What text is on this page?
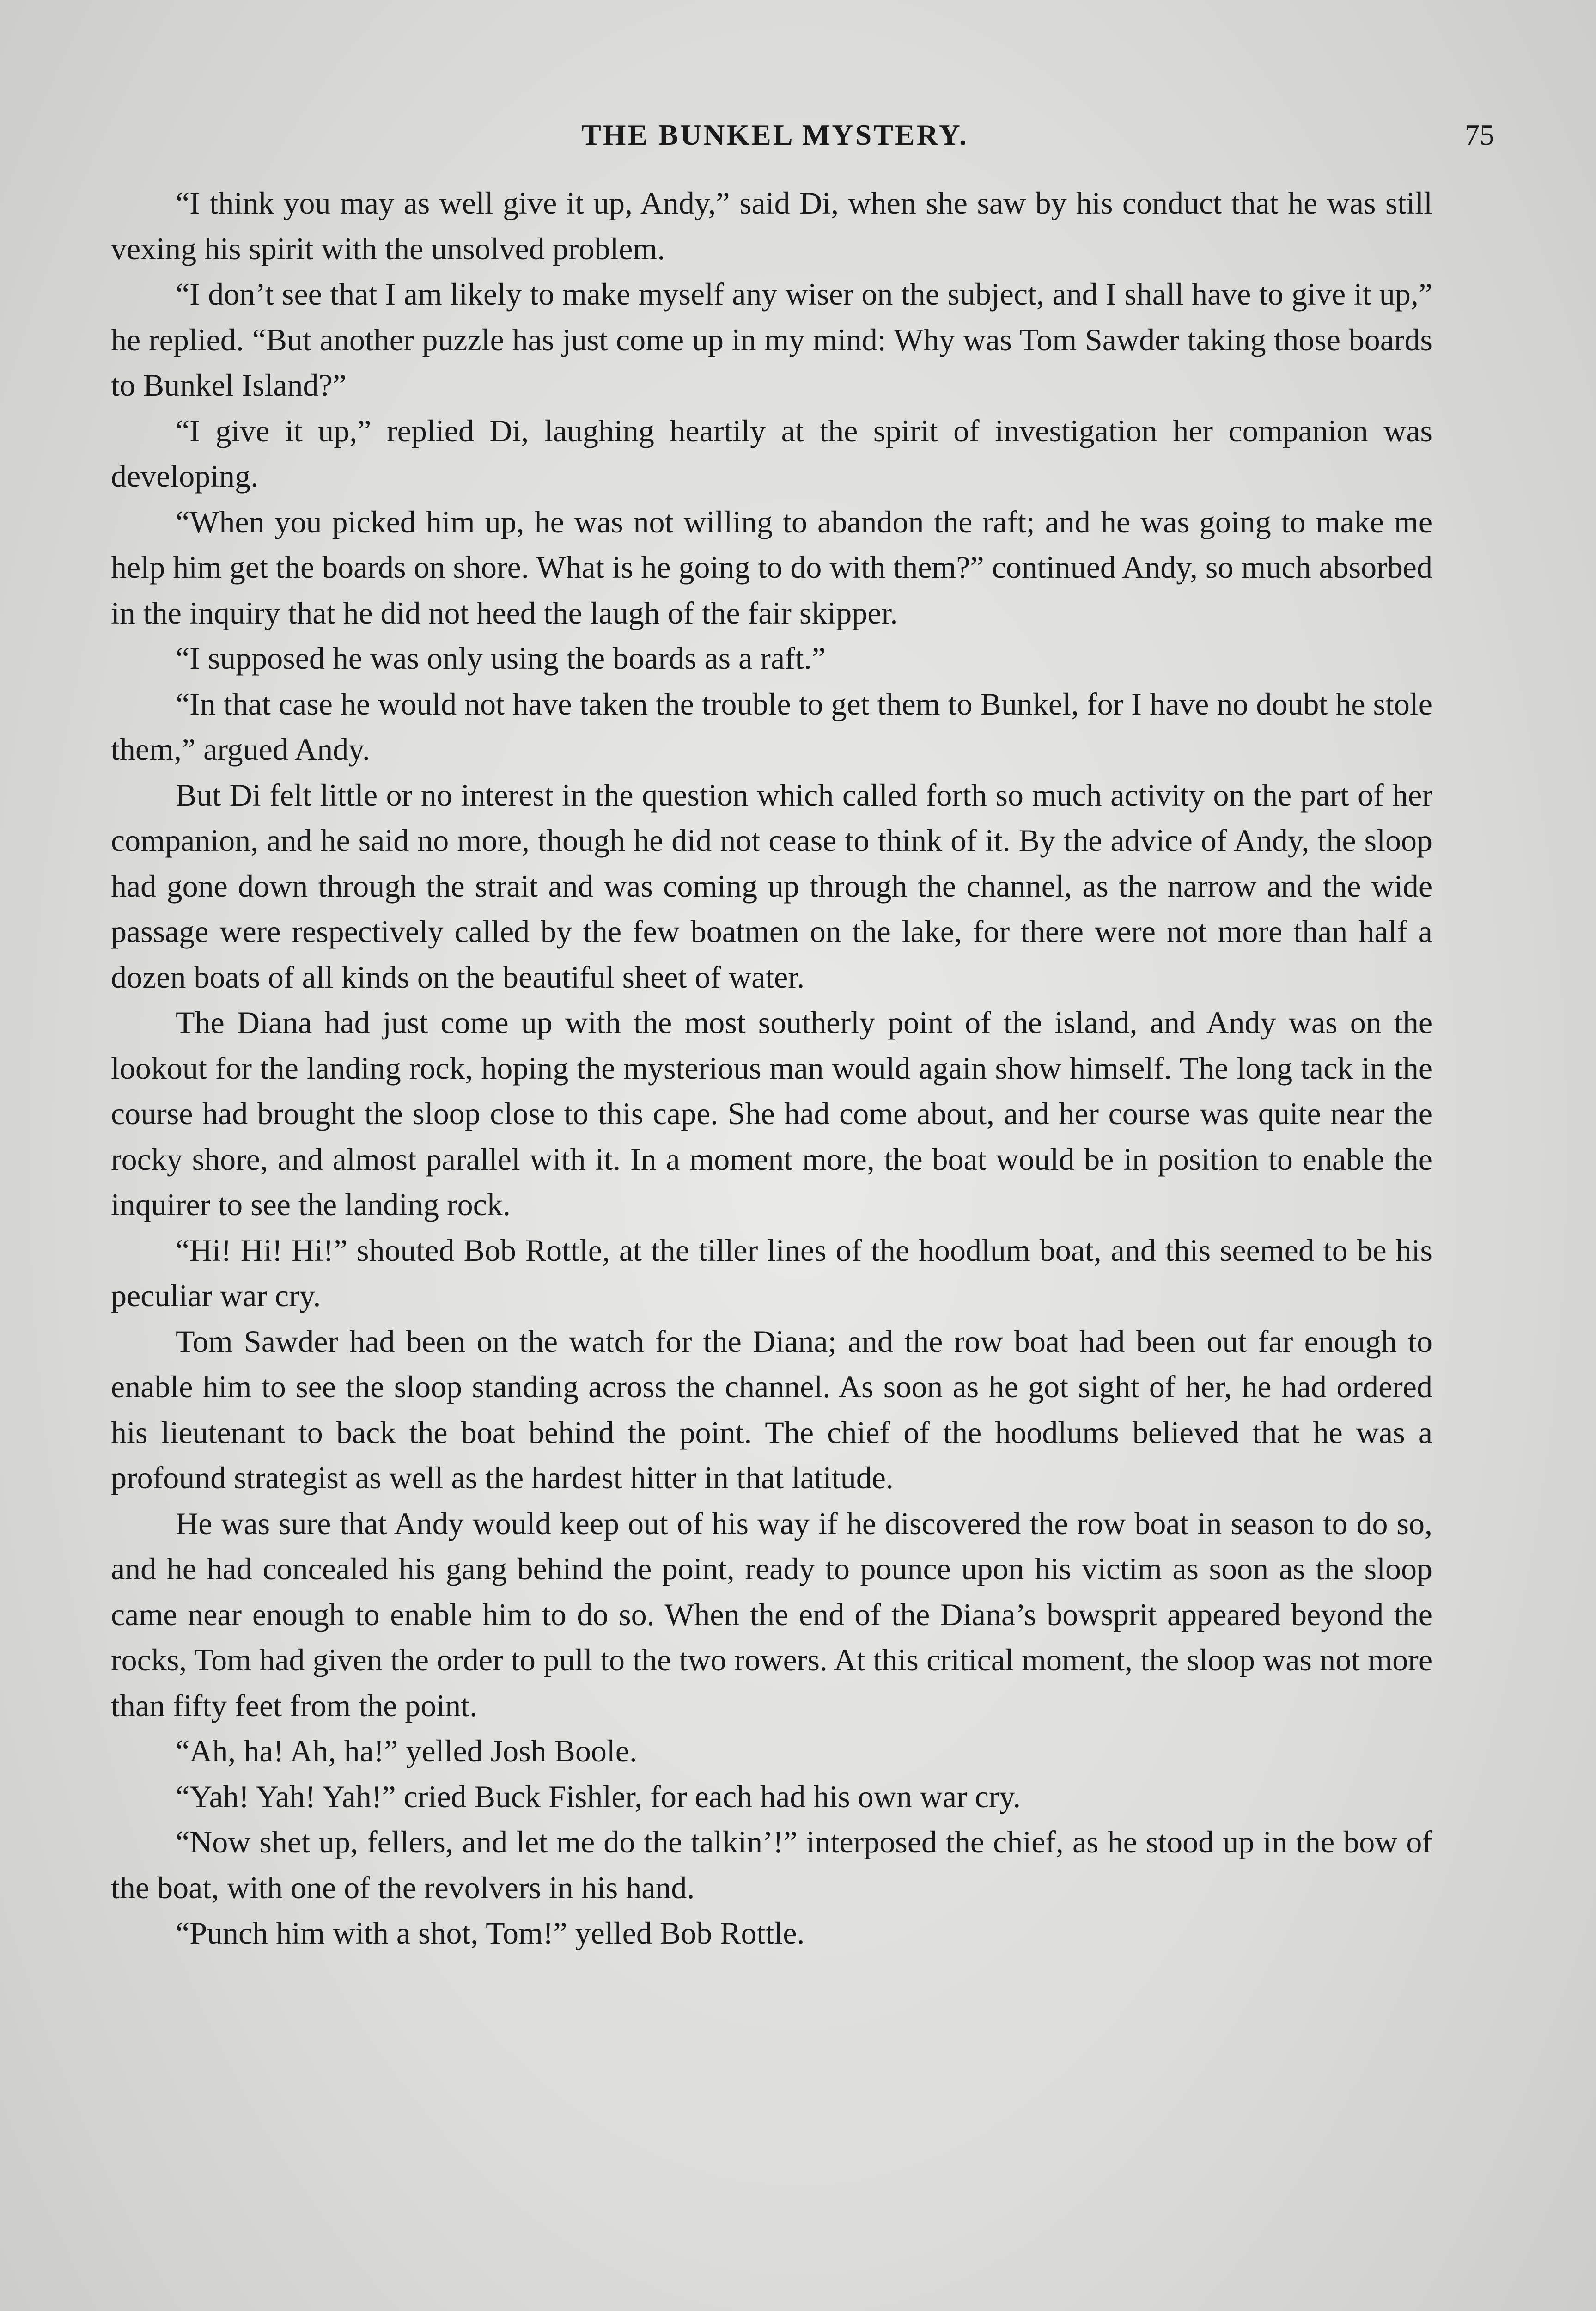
THE BUNKEL MYSTERY.	75

“I think you may as well give it up, Andy,” said Di, when she saw by his conduct that he was still vexing his spirit with the unsolved problem.

“I don’t see that I am likely to make myself any wiser on the subject, and I shall have to give it up,” he replied. “But another puzzle has just come up in my mind: Why was Tom Sawder taking those boards to Bunkel Island?”

“I give it up,” replied Di, laughing heartily at the spirit of investigation her companion was developing.

“When you picked him up, he was not willing to abandon the raft; and he was going to make me help him get the boards on shore. What is he going to do with them?” continued Andy, so much absorbed in the inquiry that he did not heed the laugh of the fair skipper.

“I supposed he was only using the boards as a raft.”

“In that case he would not have taken the trouble to get them to Bunkel, for I have no doubt he stole them,” argued Andy.

But Di felt little or no interest in the question which called forth so much activity on the part of her companion, and he said no more, though he did not cease to think of it. By the advice of Andy, the sloop had gone down through the strait and was coming up through the channel, as the narrow and the wide passage were respectively called by the few boatmen on the lake, for there were not more than half a dozen boats of all kinds on the beautiful sheet of water.

The Diana had just come up with the most southerly point of the island, and Andy was on the lookout for the landing rock, hoping the mysterious man would again show himself. The long tack in the course had brought the sloop close to this cape. She had come about, and her course was quite near the rocky shore, and almost parallel with it. In a moment more, the boat would be in position to enable the inquirer to see the landing rock.

“Hi! Hi! Hi!” shouted Bob Rottle, at the tiller lines of the hoodlum boat, and this seemed to be his peculiar war cry.

Tom Sawder had been on the watch for the Diana; and the row boat had been out far enough to enable him to see the sloop standing across the channel. As soon as he got sight of her, he had ordered his lieutenant to back the boat behind the point. The chief of the hoodlums believed that he was a profound strategist as well as the hardest hitter in that latitude.

He was sure that Andy would keep out of his way if he discovered the row boat in season to do so, and he had concealed his gang behind the point, ready to pounce upon his victim as soon as the sloop came near enough to enable him to do so. When the end of the Diana’s bowsprit appeared beyond the rocks, Tom had given the order to pull to the two rowers. At this critical moment, the sloop was not more than fifty feet from the point.

“Ah, ha! Ah, ha!” yelled Josh Boole.

“Yah! Yah! Yah!” cried Buck Fishler, for each had his own war cry.

“Now shet up, fellers, and let me do the talkin’!” interposed the chief, as he stood up in the bow of the boat, with one of the revolvers in his hand.

“Punch him with a shot, Tom!” yelled Bob Rottle.
